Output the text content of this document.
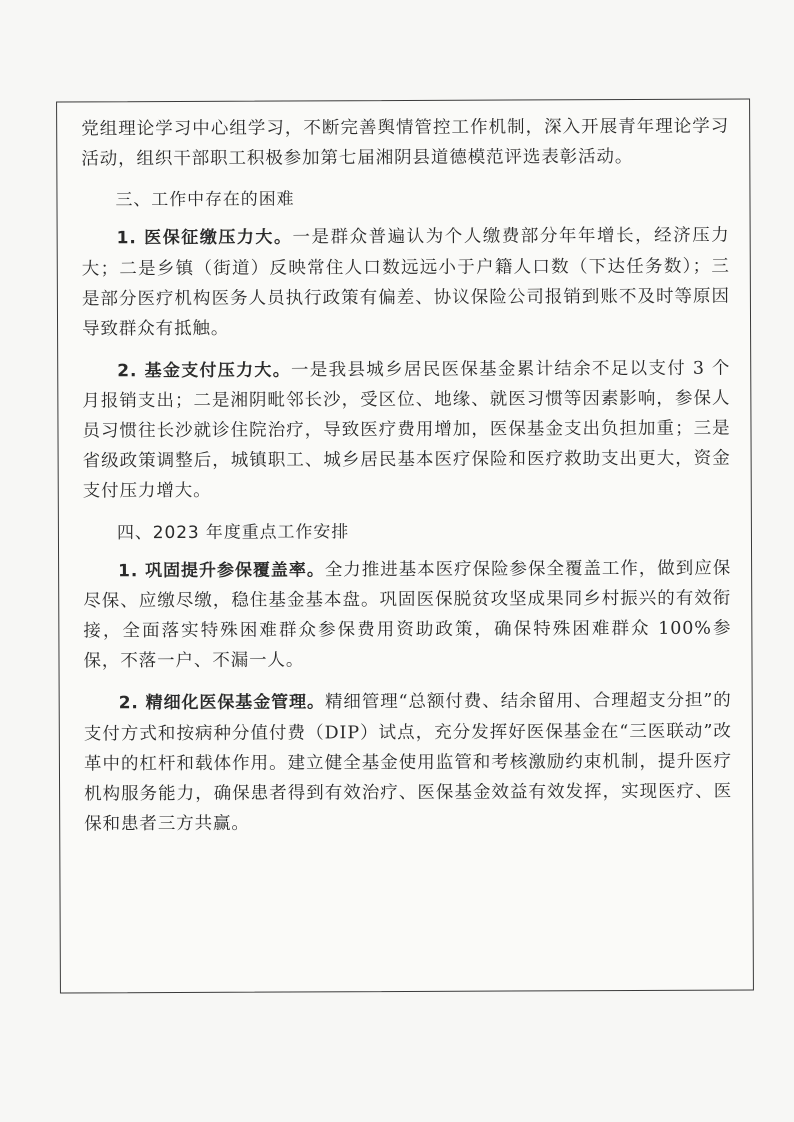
党组理论学习中心组学习，不断完善舆情管控工作机制，深入开展青年理论学习活动，组织干部职工积极参加第七届湘阴县道德模范评选表彰活动。

三、工作中存在的困难

1. 医保征缴压力大。一是群众普遍认为个人缴费部分年年增长，经济压力大；二是乡镇（街道）反映常住人口数远远小于户籍人口数（下达任务数）；三是部分医疗机构医务人员执行政策有偏差、协议保险公司报销到账不及时等原因导致群众有抵触。

2. 基金支付压力大。一是我县城乡居民医保基金累计结余不足以支付 3 个月报销支出；二是湘阴毗邻长沙，受区位、地缘、就医习惯等因素影响，参保人员习惯往长沙就诊住院治疗，导致医疗费用增加，医保基金支出负担加重；三是省级政策调整后，城镇职工、城乡居民基本医疗保险和医疗救助支出更大，资金支付压力增大。

四、2023 年度重点工作安排

1. 巩固提升参保覆盖率。全力推进基本医疗保险参保全覆盖工作，做到应保尽保、应缴尽缴，稳住基金基本盘。巩固医保脱贫攻坚成果同乡村振兴的有效衔接，全面落实特殊困难群众参保费用资助政策，确保特殊困难群众 100%参保，不落一户、不漏一人。

2. 精细化医保基金管理。精细管理“总额付费、结余留用、合理超支分担”的支付方式和按病种分值付费（DIP）试点，充分发挥好医保基金在“三医联动”改革中的杠杆和载体作用。建立健全基金使用监管和考核激励约束机制，提升医疗机构服务能力，确保患者得到有效治疗、医保基金效益有效发挥，实现医疗、医保和患者三方共赢。
